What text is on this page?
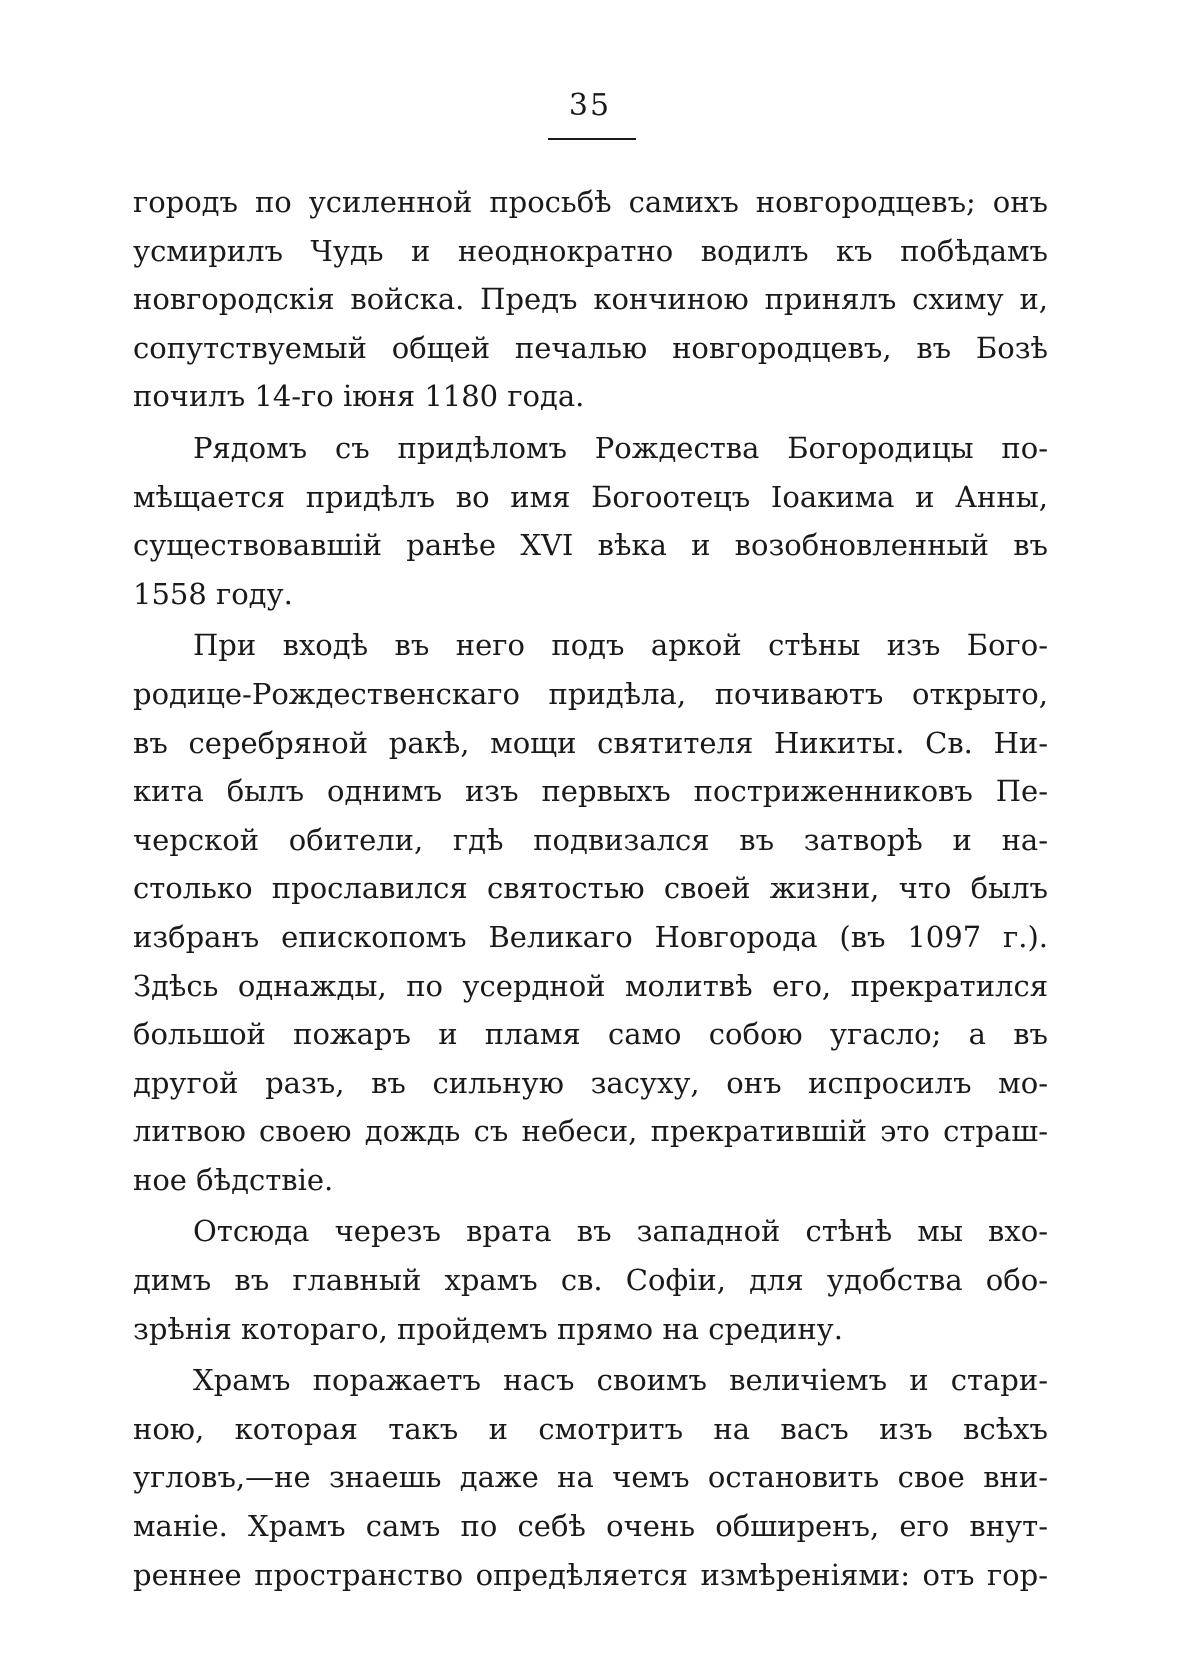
35
городъ по усиленной просьбѣ самихъ новгородцевъ; онъ
усмирилъ Чудь и неоднократно водилъ къ побѣдамъ
новгородскія войска. Предъ кончиною принялъ схиму и,
сопутствуемый общей печалью новгородцевъ, въ Бозѣ
почилъ 14-го іюня 1180 года.
Рядомъ съ придѣломъ Рождества Богородицы по-
мѣщается придѣлъ во имя Богоотецъ Іоакима и Анны,
существовавшій ранѣе XVI вѣка и возобновленный въ
1558 году.
При входѣ въ него подъ аркой стѣны изъ Бого-
родице-Рождественскаго придѣла, почиваютъ открыто,
въ серебряной ракѣ, мощи святителя Никиты. Св. Ни-
кита былъ однимъ изъ первыхъ постриженниковъ Пе-
черской обители, гдѣ подвизался въ затворѣ и на-
столько прославился святостью своей жизни, что былъ
избранъ епископомъ Великаго Новгорода (въ 1097 г.).
Здѣсь однажды, по усердной молитвѣ его, прекратился
большой пожаръ и пламя само собою угасло; а въ
другой разъ, въ сильную засуху, онъ испросилъ мо-
литвою своею дождь съ небеси, прекратившій это страш-
ное бѣдствіе.
Отсюда черезъ врата въ западной стѣнѣ мы вхо-
димъ въ главный храмъ св. Софіи, для удобства обо-
зрѣнія котораго, пройдемъ прямо на средину.
Храмъ поражаетъ насъ своимъ величіемъ и стари-
ною, которая такъ и смотритъ на васъ изъ всѣхъ
угловъ,—не знаешь даже на чемъ остановить свое вни-
маніе. Храмъ самъ по себѣ очень обширенъ, его внут-
реннее пространство опредѣляется измѣреніями: отъ гор-
